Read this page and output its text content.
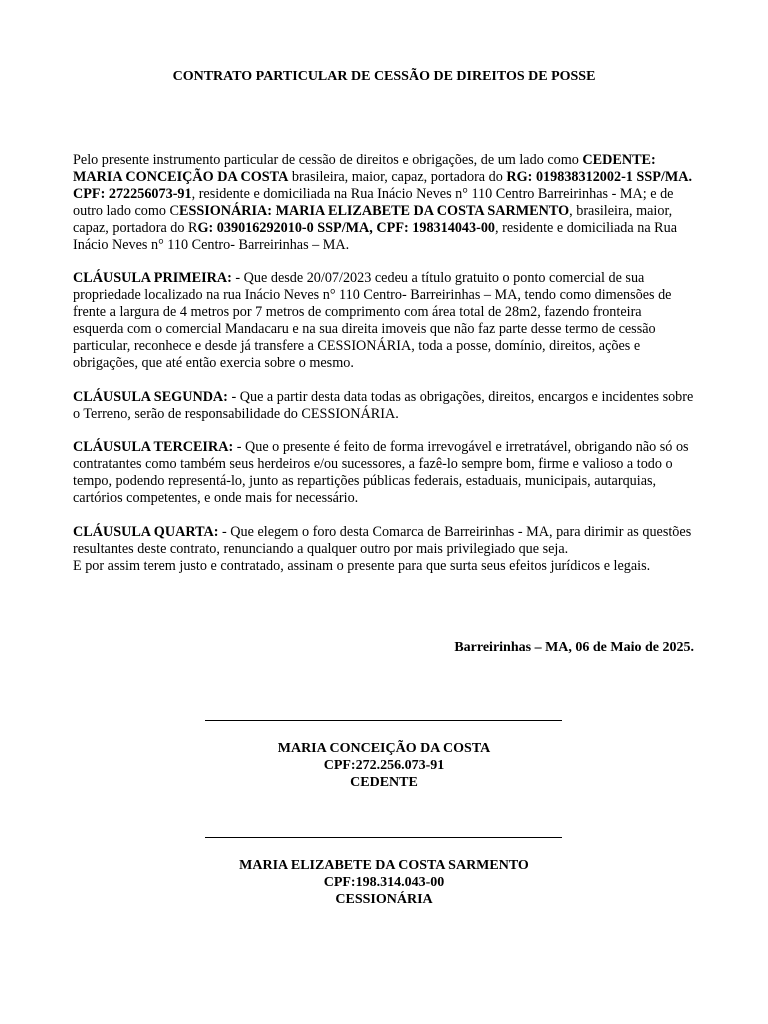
CONTRATO PARTICULAR DE CESSÃO DE DIREITOS DE POSSE

Pelo presente instrumento particular de cessão de direitos e obrigações, de um lado como CEDENTE: MARIA CONCEIÇÃO DA COSTA brasileira, maior, capaz, portadora do RG: 019838312002-1 SSP/MA. CPF: 272256073-91, residente e domiciliada na Rua Inácio Neves n° 110 Centro Barreirinhas - MA; e de outro lado como CESSIONÁRIA: MARIA ELIZABETE DA COSTA SARMENTO, brasileira, maior, capaz, portadora do RG: 039016292010-0 SSP/MA, CPF: 198314043-00, residente e domiciliada na Rua
Inácio Neves n° 110 Centro- Barreirinhas – MA.

CLÁUSULA PRIMEIRA: - Que desde 20/07/2023 cedeu a título gratuito o ponto comercial de sua propriedade localizado na rua Inácio Neves n° 110 Centro- Barreirinhas – MA, tendo como dimensões de frente a largura de 4 metros por 7 metros de comprimento com área total de 28m2, fazendo fronteira esquerda com o comercial Mandacaru e na sua direita imoveis que não faz parte desse termo de cessão particular, reconhece e desde já transfere a CESSIONÁRIA, toda a posse, domínio, direitos, ações e obrigações, que até então exercia sobre o mesmo.

CLÁUSULA SEGUNDA: - Que a partir desta data todas as obrigações, direitos, encargos e incidentes sobre o Terreno, serão de responsabilidade do CESSIONÁRIA.

CLÁUSULA TERCEIRA: - Que o presente é feito de forma irrevogável e irretratável, obrigando não só os contratantes como também seus herdeiros e/ou sucessores, a fazê-lo sempre bom, firme e valioso a todo o tempo, podendo representá-lo, junto as repartições públicas federais, estaduais, municipais, autarquias, cartórios competentes, e onde mais for necessário.

CLÁUSULA QUARTA: - Que elegem o foro desta Comarca de Barreirinhas - MA, para dirimir as questões resultantes deste contrato, renunciando a qualquer outro por mais privilegiado que seja.

E por assim terem justo e contratado, assinam o presente para que surta seus efeitos jurídicos e legais.

Barreirinhas – MA, 06 de Maio de 2025.
MARIA CONCEIÇÃO DA COSTA
CPF:272.256.073-91
CEDENTE
MARIA ELIZABETE DA COSTA SARMENTO
CPF:198.314.043-00
CESSIONÁRIA
